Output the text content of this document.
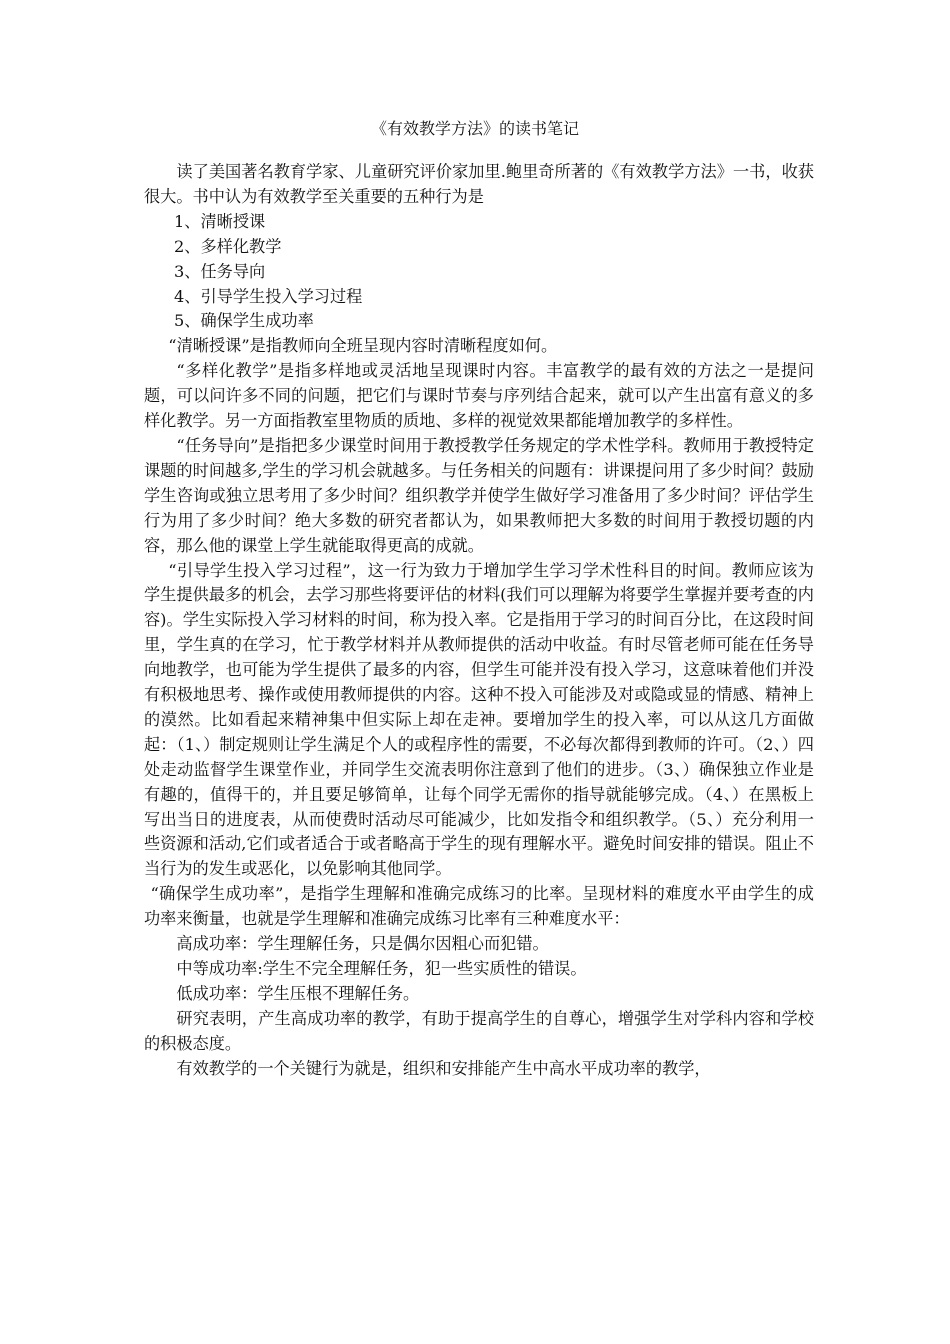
《有效教学方法》的读书笔记

读了美国著名教育学家、儿童研究评价家加里.鲍里奇所著的《有效教学方法》一书，收获很大。书中认为有效教学至关重要的五种行为是

1、清晰授课

2、多样化教学

3、任务导向

4、引导学生投入学习过程

5、确保学生成功率

“清晰授课”是指教师向全班呈现内容时清晰程度如何。

“多样化教学”是指多样地或灵活地呈现课时内容。丰富教学的最有效的方法之一是提问题，可以问许多不同的问题，把它们与课时节奏与序列结合起来，就可以产生出富有意义的多样化教学。另一方面指教室里物质的质地、多样的视觉效果都能增加教学的多样性。

“任务导向”是指把多少课堂时间用于教授教学任务规定的学术性学科。教师用于教授特定课题的时间越多,学生的学习机会就越多。与任务相关的问题有：讲课提问用了多少时间？鼓励学生咨询或独立思考用了多少时间？组织教学并使学生做好学习准备用了多少时间？评估学生行为用了多少时间？绝大多数的研究者都认为，如果教师把大多数的时间用于教授切题的内容，那么他的课堂上学生就能取得更高的成就。

“引导学生投入学习过程”，这一行为致力于增加学生学习学术性科目的时间。教师应该为学生提供最多的机会，去学习那些将要评估的材料(我们可以理解为将要学生掌握并要考查的内容)。学生实际投入学习材料的时间，称为投入率。它是指用于学习的时间百分比，在这段时间里，学生真的在学习，忙于教学材料并从教师提供的活动中收益。有时尽管老师可能在任务导向地教学，也可能为学生提供了最多的内容，但学生可能并没有投入学习，这意味着他们并没有积极地思考、操作或使用教师提供的内容。这种不投入可能涉及对或隐或显的情感、精神上的漠然。比如看起来精神集中但实际上却在走神。要增加学生的投入率，可以从这几方面做起：（1、）制定规则让学生满足个人的或程序性的需要，不必每次都得到教师的许可。（2、）四处走动监督学生课堂作业，并同学生交流表明你注意到了他们的进步。（3、）确保独立作业是有趣的，值得干的，并且要足够简单，让每个同学无需你的指导就能够完成。（4、）在黑板上写出当日的进度表，从而使费时活动尽可能减少，比如发指令和组织教学。（5、）充分利用一些资源和活动,它们或者适合于或者略高于学生的现有理解水平。避免时间安排的错误。阻止不当行为的发生或恶化，以免影响其他同学。

“确保学生成功率”，是指学生理解和准确完成练习的比率。呈现材料的难度水平由学生的成功率来衡量，也就是学生理解和准确完成练习比率有三种难度水平：

高成功率：学生理解任务，只是偶尔因粗心而犯错。

中等成功率:学生不完全理解任务，犯一些实质性的错误。

低成功率：学生压根不理解任务。

研究表明，产生高成功率的教学，有助于提高学生的自尊心，增强学生对学科内容和学校的积极态度。

有效教学的一个关键行为就是，组织和安排能产生中高水平成功率的教学，
